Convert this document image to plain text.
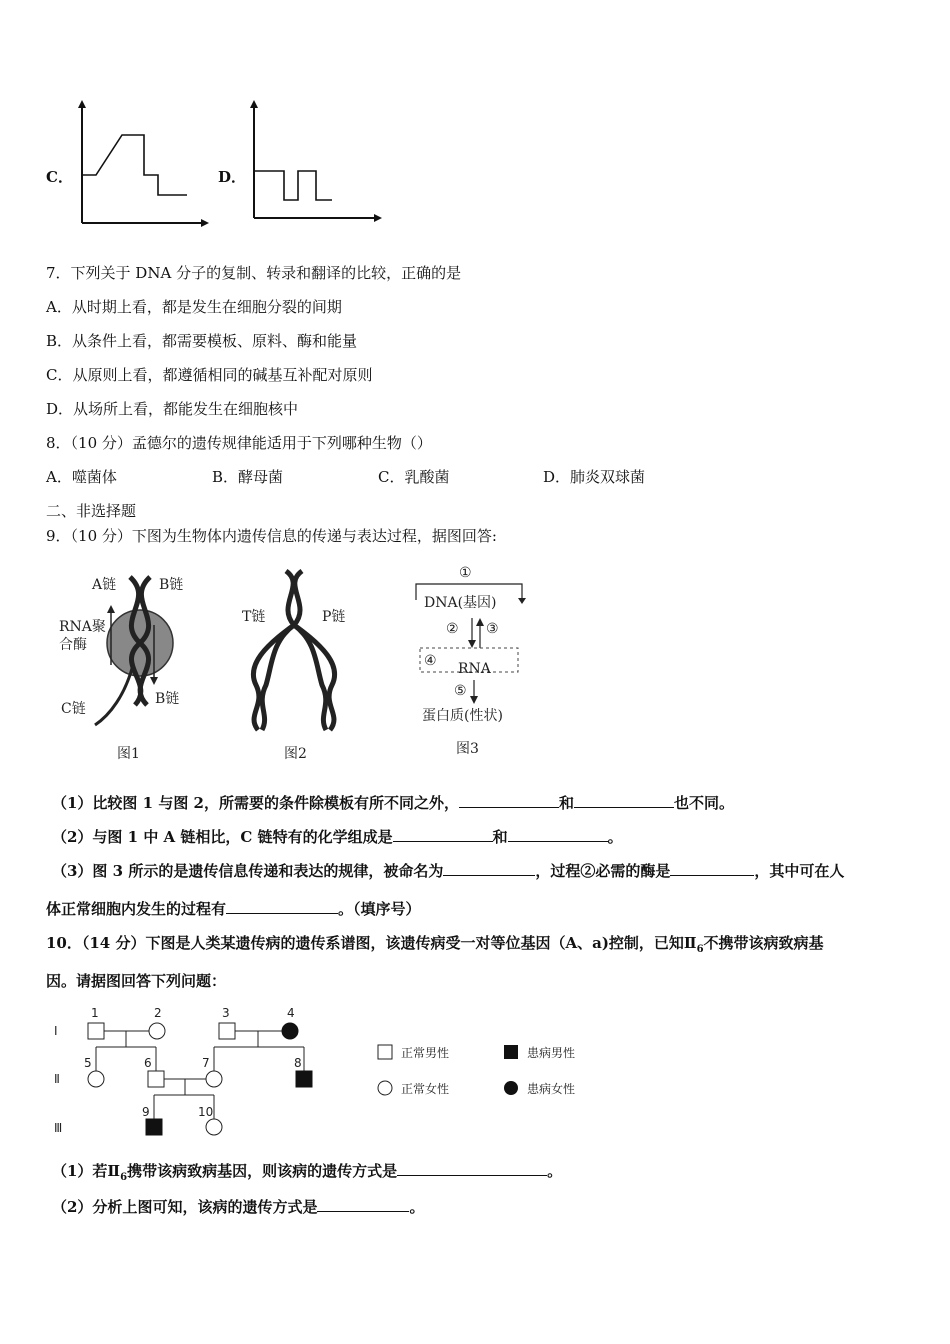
C．	D．
7．下列关于 DNA 分子的复制、转录和翻译的比较，正确的是
A．从时期上看，都是发生在细胞分裂的间期
B．从条件上看，都需要模板、原料、酶和能量
C．从原则上看，都遵循相同的碱基互补配对原则
D．从场所上看，都能发生在细胞核中
8．（10 分）孟德尔的遗传规律能适用于下列哪种生物（）
A．噬菌体	B．酵母菌	C．乳酸菌	D．肺炎双球菌
二、非选择题
9．（10 分）下图为生物体内遗传信息的传递与表达过程，据图回答:
A链	B链
RNA聚
合酶
C链
B链
图1
T链	P链
图2
①
DNA(基因)
② ③
④ RNA
⑤
蛋白质(性状)
图3
（1）比较图 1 与图 2，所需要的条件除模板有所不同之外，	和	也不同。
（2）与图 1 中 A 链相比，C 链特有的化学组成是	和	。
（3）图 3 所示的是遗传信息传递和表达的规律，被命名为	，过程②必需的酶是	，其中可在人
体正常细胞内发生的过程有	。（填序号）
10．（14 分）下图是人类某遗传病的遗传系谱图，该遗传病受一对等位基因（A、a)控制，已知$Ⅱ_6$不携带该病致病基
因。请据图回答下列问题：
Ⅰ
Ⅱ
Ⅲ
1	2	3	4
5	6	7	8
9	10
正常男性	患病男性
正常女性	患病女性
（1）若$Ⅱ_6$携带该病致病基因，则该病的遗传方式是	。
（2）分析上图可知，该病的遗传方式是	。
